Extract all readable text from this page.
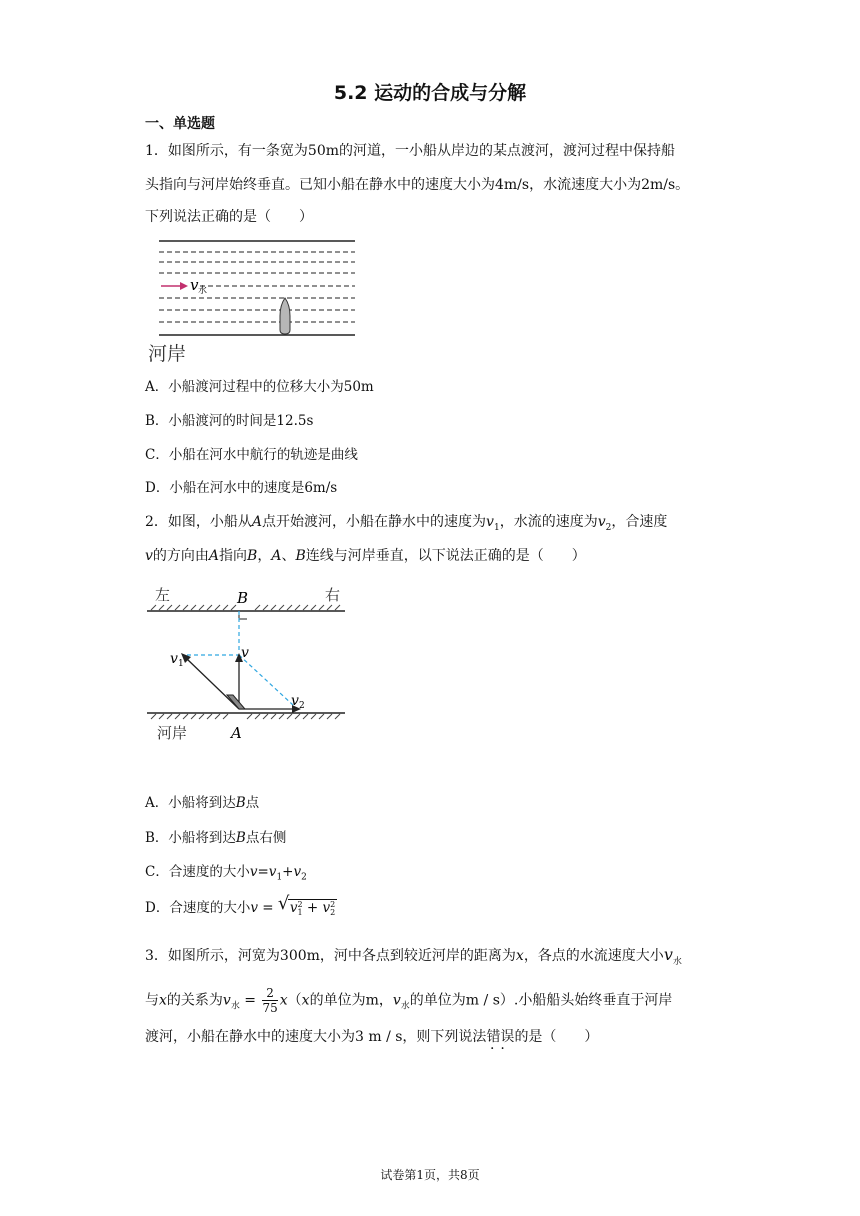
5.2 运动的合成与分解
一、单选题
1．如图所示，有一条宽为50m的河道，一小船从岸边的某点渡河，渡河过程中保持船
头指向与河岸始终垂直。已知小船在静水中的速度大小为4m/s，水流速度大小为2m/s。
下列说法正确的是（　　）
v 水
河岸
A．小船渡河过程中的位移大小为50m
B．小船渡河的时间是12.5s
C．小船在河水中航行的轨迹是曲线
D．小船在河水中的速度是6m/s
2．如图，小船从A点开始渡河，小船在静水中的速度为$v_1$，水流的速度为$v_2$，合速度
v的方向由A指向B，A、B连线与河岸垂直，以下说法正确的是（　　）
左	B	右
v
v 1
v 2
河岸	A
A．小船将到达B点
B．小船将到达B点右侧
C．合速度的大小$v=v_1+v_2$
D．合速度的大小v = √ v 2
1 + v 2
2
3．如图所示，河宽为300m，河中各点到较近河岸的距离为x，各点的水流速度大小$v_水$
与x的关系为$v_水 = \frac{2}{75} x(x$的单位为m，$v_水$的单位为m / s）.小船船头始终垂直于河岸
渡河，小船在静水中的速度大小为3 m / s，则下列说法错误 ··的是（　　）
试卷第1页，共8页
